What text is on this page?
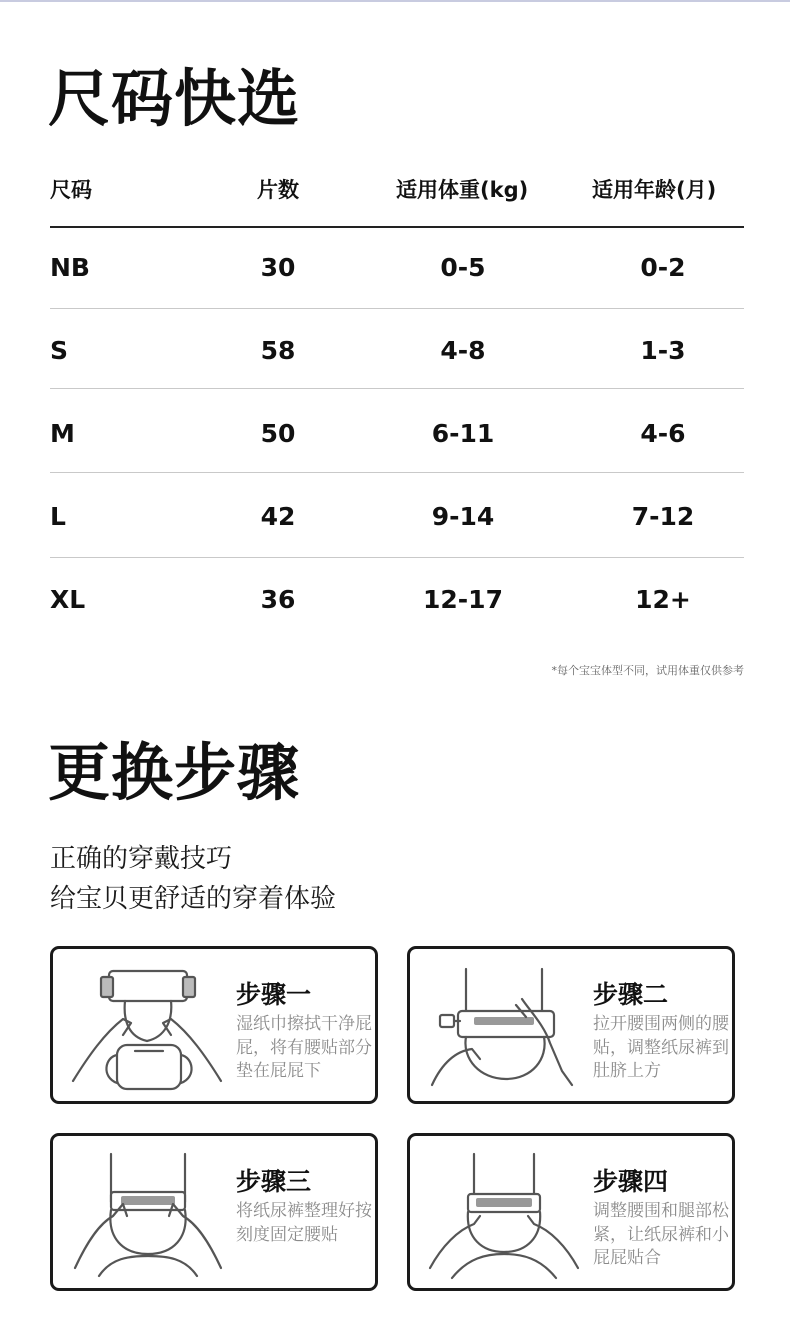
尺码快选
尺码	片数	适用体重(kg)	适用年龄(月)
NB	30	0-5	0-2
S	58	4-8	1-3
M	50	6-11	4-6
L	42	9-14	7-12
XL	36	12-17	12+
*每个宝宝体型不同，试用体重仅供参考
更换步骤
正确的穿戴技巧
给宝贝更舒适的穿着体验
步骤一
湿纸巾擦拭干净屁屁，将有腰贴部分垫在屁屁下
步骤二
拉开腰围两侧的腰贴，调整纸尿裤到肚脐上方
步骤三
将纸尿裤整理好按刻度固定腰贴
步骤四
调整腰围和腿部松紧，让纸尿裤和小屁屁贴合
